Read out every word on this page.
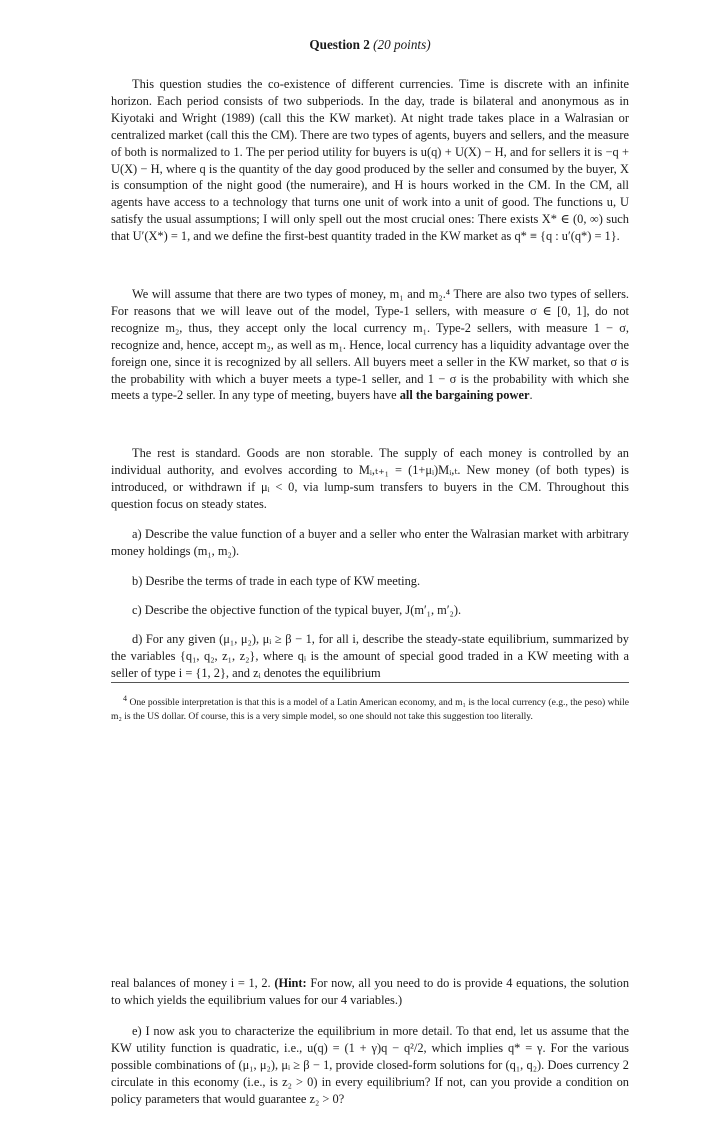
Question 2 (20 points)

This question studies the co-existence of different currencies. Time is discrete with an infinite horizon. Each period consists of two subperiods. In the day, trade is bilateral and anonymous as in Kiyotaki and Wright (1989) (call this the KW market). At night trade takes place in a Walrasian or centralized market (call this the CM). There are two types of agents, buyers and sellers, and the measure of both is normalized to 1. The per period utility for buyers is u(q) + U(X) − H, and for sellers it is −q + U(X) − H, where q is the quantity of the day good produced by the seller and consumed by the buyer, X is consumption of the night good (the numeraire), and H is hours worked in the CM. In the CM, all agents have access to a technology that turns one unit of work into a unit of good. The functions u, U satisfy the usual assumptions; I will only spell out the most crucial ones: There exists X* ∈ (0, ∞) such that U′(X*) = 1, and we define the first-best quantity traded in the KW market as q* ≡ {q : u′(q*) = 1}.

We will assume that there are two types of money, m₁ and m₂.⁴ There are also two types of sellers. For reasons that we will leave out of the model, Type-1 sellers, with measure σ ∈ [0, 1], do not recognize m₂, thus, they accept only the local currency m₁. Type-2 sellers, with measure 1 − σ, recognize and, hence, accept m₂, as well as m₁. Hence, local currency has a liquidity advantage over the foreign one, since it is recognized by all sellers. All buyers meet a seller in the KW market, so that σ is the probability with which a buyer meets a type-1 seller, and 1 − σ is the probability with which she meets a type-2 seller. In any type of meeting, buyers have all the bargaining power.

The rest is standard. Goods are non storable. The supply of each money is controlled by an individual authority, and evolves according to Mᵢ,ₜ₊₁ = (1+μᵢ)Mᵢ,ₜ. New money (of both types) is introduced, or withdrawn if μᵢ < 0, via lump-sum transfers to buyers in the CM. Throughout this question focus on steady states.

a) Describe the value function of a buyer and a seller who enter the Walrasian market with arbitrary money holdings (m₁, m₂).

b) Desribe the terms of trade in each type of KW meeting.

c) Describe the objective function of the typical buyer, J(m′₁, m′₂).

d) For any given (μ₁, μ₂), μᵢ ≥ β − 1, for all i, describe the steady-state equilibrium, summarized by the variables {q₁, q₂, z₁, z₂}, where qᵢ is the amount of special good traded in a KW meeting with a seller of type i = {1, 2}, and zᵢ denotes the equilibrium

$^4$ One possible interpretation is that this is a model of a Latin American economy, and m₁ is the local currency (e.g., the peso) while m₂ is the US dollar. Of course, this is a very simple model, so one should not take this suggestion too literally.

real balances of money i = 1, 2. (Hint: For now, all you need to do is provide 4 equations, the solution to which yields the equilibrium values for our 4 variables.)

e) I now ask you to characterize the equilibrium in more detail. To that end, let us assume that the KW utility function is quadratic, i.e., u(q) = (1 + γ)q − q²/2, which implies q* = γ. For the various possible combinations of (μ₁, μ₂), μᵢ ≥ β − 1, provide closed-form solutions for (q₁, q₂). Does currency 2 circulate in this economy (i.e., is z₂ > 0) in every equilibrium? If not, can you provide a condition on policy parameters that would guarantee z₂ > 0?
